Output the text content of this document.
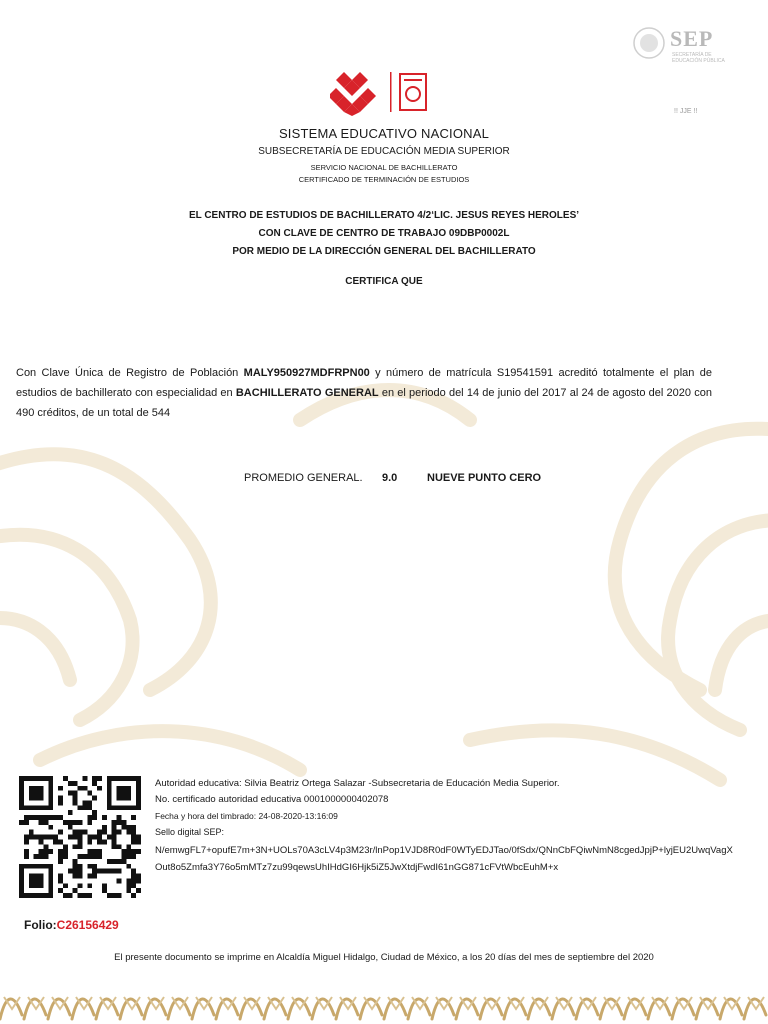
SEP
SECRETARÍA DE
EDUCACIÓN PÚBLICA
!! JJE !!
SISTEMA EDUCATIVO NACIONAL
SUBSECRETARÍA DE EDUCACIÓN MEDIA SUPERIOR
SERVICIO NACIONAL DE BACHILLERATO
CERTIFICADO DE TERMINACIÓN DE ESTUDIOS
EL CENTRO DE ESTUDIOS DE BACHILLERATO 4/2‘LIC. JESUS REYES HEROLES’
CON CLAVE DE CENTRO DE TRABAJO 09DBP0002L
POR MEDIO DE LA DIRECCIÓN GENERAL DEL BACHILLERATO
CERTIFICA QUE
Con Clave Única de Registro de Población MALY950927MDFRPN00 y número de matrícula S19541591 acreditó totalmente el plan de estudios de bachillerato con especialidad en BACHILLERATO GENERAL en el periodo del 14 de junio del 2017 al 24 de agosto del 2020 con 490 créditos, de un total de 544
PROMEDIO GENERAL. 9.0	NUEVE PUNTO CERO
Autoridad educativa: Silvia Beatriz Ortega Salazar -Subsecretaria de Educación Media Superior.
No. certificado autoridad educativa 0001000000402078
Fecha y hora del timbrado: 24-08-2020-13:16:09
Sello digital SEP:
N/emwgFL7+opufE7m+3N+UOLs70A3cLV4p3M23r/lnPop1VJD8R0dF0WTyEDJTao/0fSdx/QNnCbFQiwNmN8cgedJpjP+lyjEU2UwqVagXOut8o5Zmfa3Y76o5mMTz7zu99qewsUhIHdGI6Hjk5iZ5JwXtdjFwdI61nGG871cFVtWbcEuhM+x
Folio:C26156429
El presente documento se imprime en Alcaldía Miguel Hidalgo, Ciudad de México, a los 20 días del mes de septiembre del 2020
